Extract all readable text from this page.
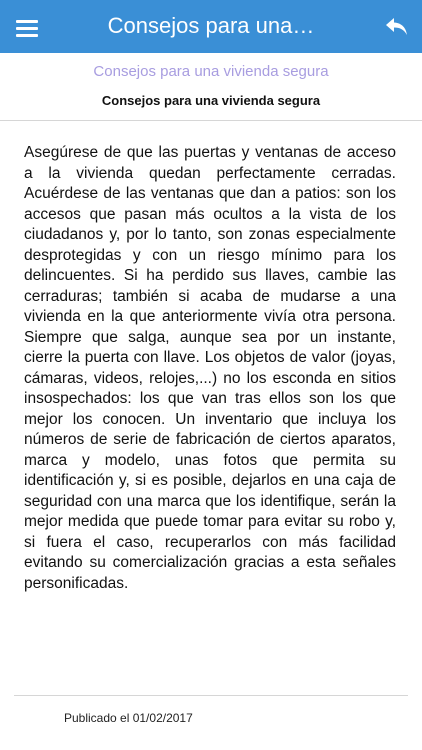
Consejos para una…
Consejos para una vivienda segura
Consejos para una vivienda segura

Asegúrese de que las puertas y ventanas de acceso a la vivienda quedan perfectamente cerradas. Acuérdese de las ventanas que dan a patios: son los accesos que pasan más ocultos a la vista de los ciudadanos y, por lo tanto, son zonas especialmente desprotegidas y con un riesgo mínimo para los delincuentes. Si ha perdido sus llaves, cambie las cerraduras; también si acaba de mudarse a una vivienda en la que anteriormente vivía otra persona. Siempre que salga, aunque sea por un instante, cierre la puerta con llave. Los objetos de valor (joyas, cámaras, videos, relojes,...) no los esconda en sitios insospechados: los que van tras ellos son los que mejor los conocen. Un inventario que incluya los números de serie de fabricación de ciertos aparatos, marca y modelo, unas fotos que permita su identificación y, si es posible, dejarlos en una caja de seguridad con una marca que los identifique, serán la mejor medida que puede tomar para evitar su robo y, si fuera el caso, recuperarlos con más facilidad evitando su comercialización gracias a esta señales personificadas.

Publicado el 01/02/2017
